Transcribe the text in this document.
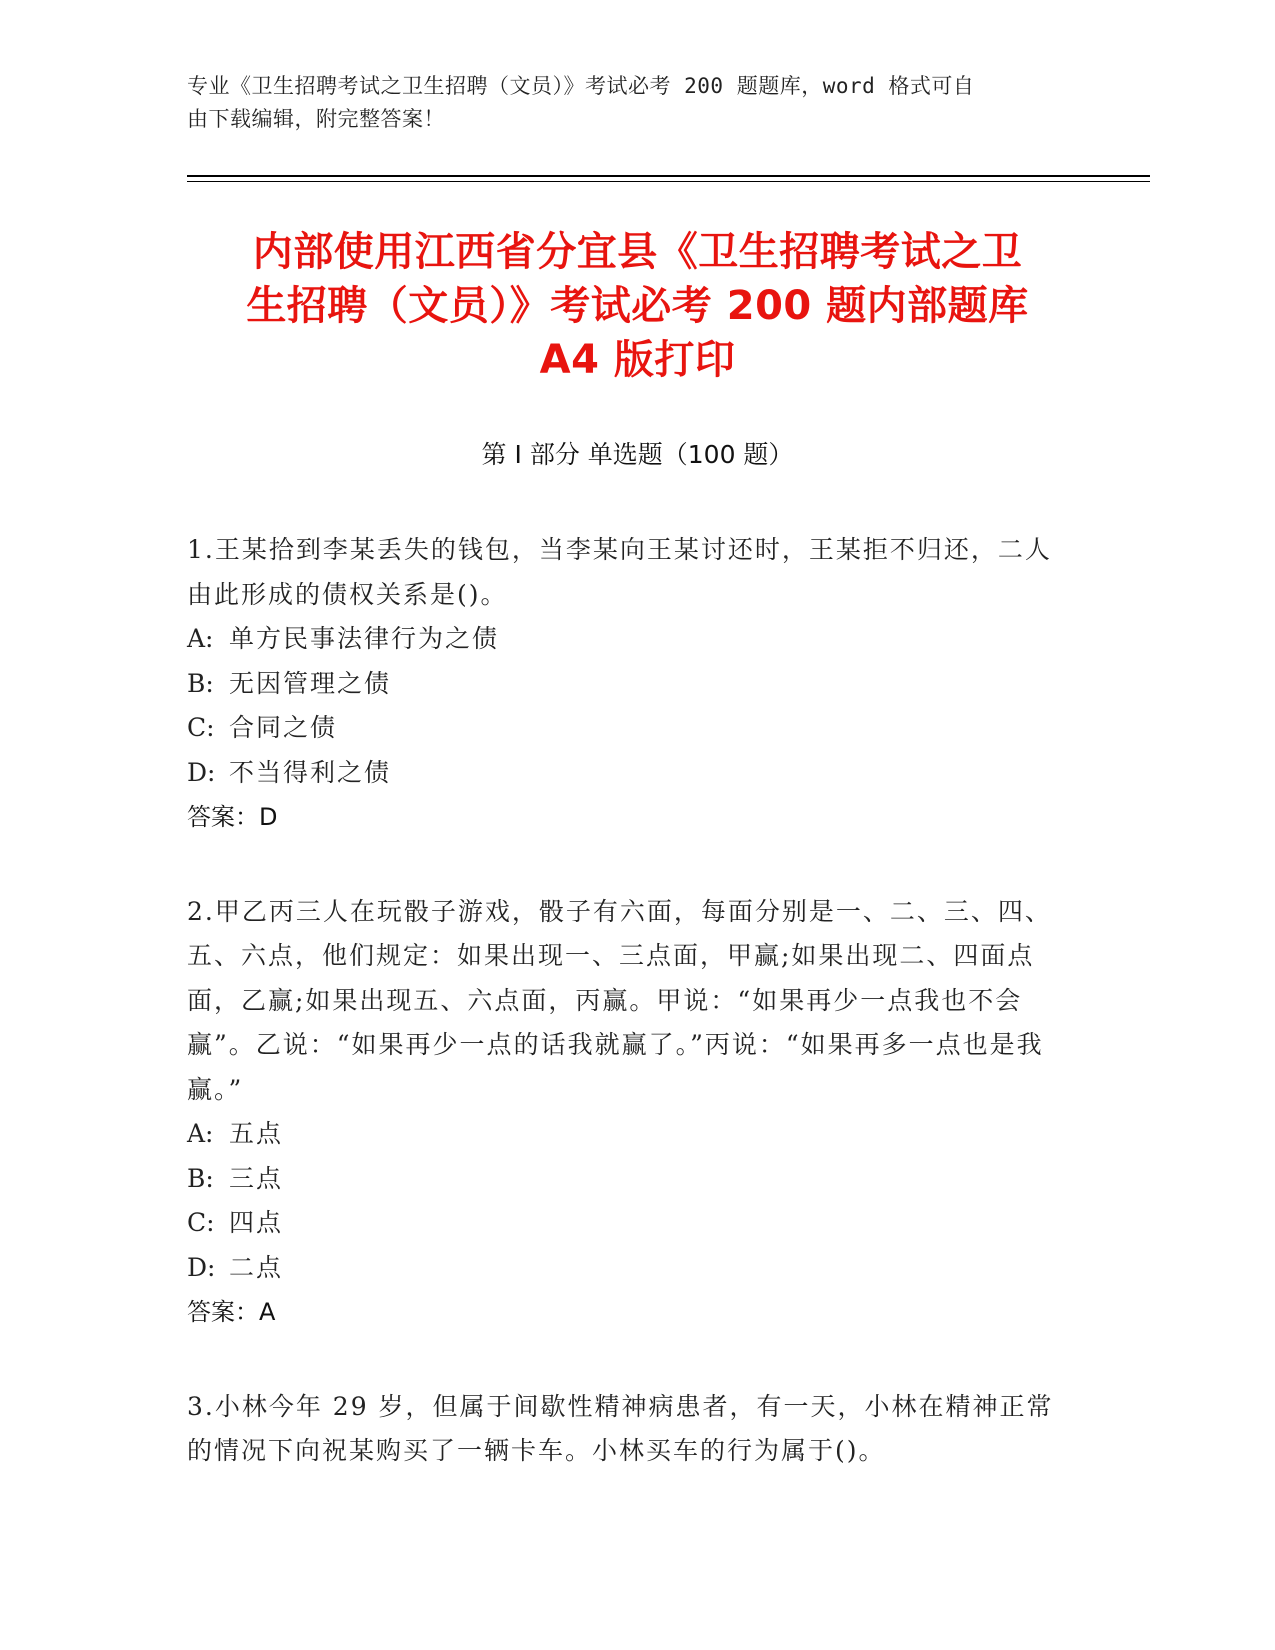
专业《卫生招聘考试之卫生招聘（文员）》考试必考 200 题题库，word 格式可自
由下载编辑，附完整答案！
内部使用江西省分宜县《卫生招聘考试之卫
生招聘（文员）》考试必考 200 题内部题库
A4 版打印
第 I 部分 单选题（100 题）
1.王某拾到李某丢失的钱包，当李某向王某讨还时，王某拒不归还，二人由此形成的债权关系是()。
A: 单方民事法律行为之债
B: 无因管理之债
C: 合同之债
D: 不当得利之债
答案：D
2.甲乙丙三人在玩骰子游戏，骰子有六面，每面分别是一、二、三、四、五、六点，他们规定：如果出现一、三点面，甲赢;如果出现二、四面点面，乙赢;如果出现五、六点面，丙赢。甲说：“如果再少一点我也不会赢”。乙说：“如果再少一点的话我就赢了。”丙说：“如果再多一点也是我赢。”
A: 五点
B: 三点
C: 四点
D: 二点
答案：A
3.小林今年 29 岁，但属于间歇性精神病患者，有一天，小林在精神正常的情况下向祝某购买了一辆卡车。小林买车的行为属于()。
